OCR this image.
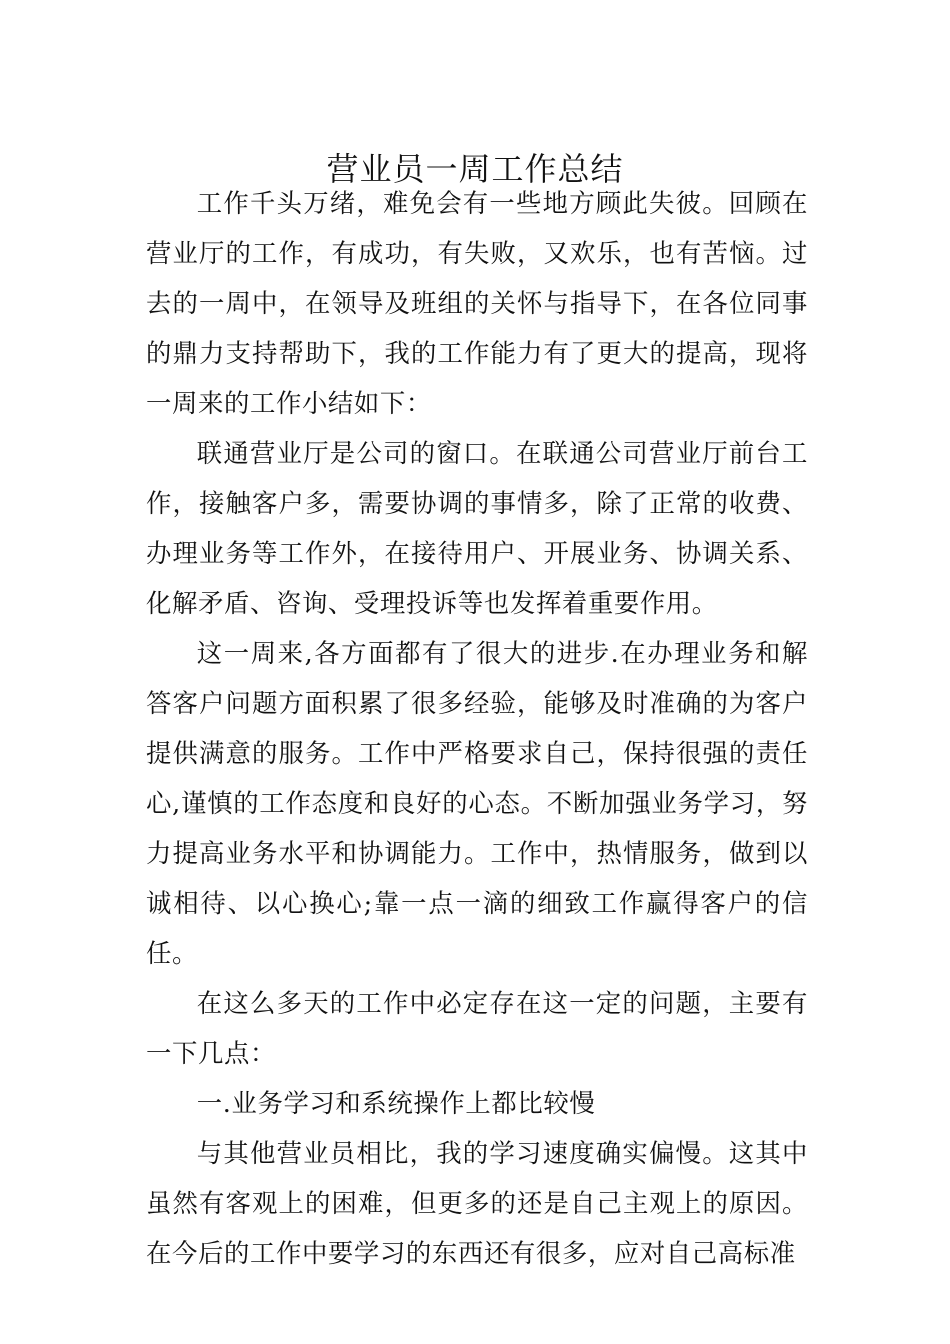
营业员一周工作总结

工作千头万绪，难免会有一些地方顾此失彼。回顾在营业厅的工作，有成功，有失败，又欢乐，也有苦恼。过去的一周中，在领导及班组的关怀与指导下，在各位同事的鼎力支持帮助下，我的工作能力有了更大的提高，现将一周来的工作小结如下：

联通营业厅是公司的窗口。在联通公司营业厅前台工作，接触客户多，需要协调的事情多，除了正常的收费、办理业务等工作外，在接待用户、开展业务、协调关系、化解矛盾、咨询、受理投诉等也发挥着重要作用。

这一周来,各方面都有了很大的进步.在办理业务和解答客户问题方面积累了很多经验，能够及时准确的为客户提供满意的服务。工作中严格要求自己，保持很强的责任心,谨慎的工作态度和良好的心态。不断加强业务学习，努力提高业务水平和协调能力。工作中，热情服务，做到以诚相待、以心换心;靠一点一滴的细致工作赢得客户的信任。

在这么多天的工作中必定存在这一定的问题，主要有一下几点：

一.业务学习和系统操作上都比较慢

与其他营业员相比，我的学习速度确实偏慢。这其中虽然有客观上的困难，但更多的还是自己主观上的原因。在今后的工作中要学习的东西还有很多，应对自己高标准
